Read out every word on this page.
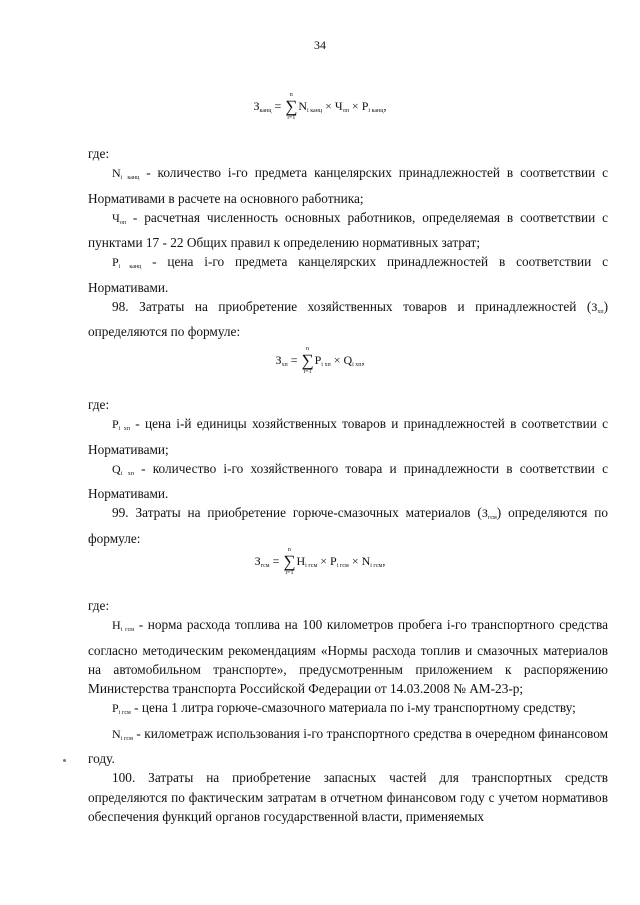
34
$З_{канц}$ =
n
∑
i=1
$N_{i канц} \times Ч_{оп} \times P_{i канц}$,

где:

$N_{i канц}$ - количество i-го предмета канцелярских принадлежностей в соответствии с Нормативами в расчете на основного работника;

$Ч_{оп}$ - расчетная численность основных работников, определяемая в соответствии с пунктами 17 - 22 Общих правил к определению нормативных затрат;

$P_{i канц}$ - цена i-го предмета канцелярских принадлежностей в соответствии с Нормативами.

98. Затраты на приобретение хозяйственных товаров и принадлежностей $(З_{хп})$ определяются по формуле:

$З_{хп}$ =
n
∑
i=1
$P_{i хп} \times Q_{i хп}$,

где:

$P_{i хп}$ - цена i-й единицы хозяйственных товаров и принадлежностей в соответствии с Нормативами;

$Q_{i хп}$ - количество i-го хозяйственного товара и принадлежности в соответствии с Нормативами.

99. Затраты на приобретение горюче-смазочных материалов $(З_{гсм})$ определяются по формуле:

$З_{гсм}$ =
n
∑
i=1
$Н_{i гсм} \times P_{i гсм} \times N_{i гсм}$,

где:

$Н_{i гсм}$ - норма расхода топлива на 100 километров пробега i-го транспортного средства согласно методическим рекомендациям «Нормы расхода топлив и смазочных материалов на автомобильном транспорте», предусмотренным приложением к распоряжению Министерства транспорта Российской Федерации от 14.03.2008 № АМ-23-р;

$P_{i гсм}$ - цена 1 литра горюче-смазочного материала по i-му транспортному средству;

$N_{i гсм}$ - километраж использования i-го транспортного средства в очередном финансовом году.

100. Затраты на приобретение запасных частей для транспортных средств определяются по фактическим затратам в отчетном финансовом году с учетом нормативов обеспечения функций органов государственной власти, применяемых
